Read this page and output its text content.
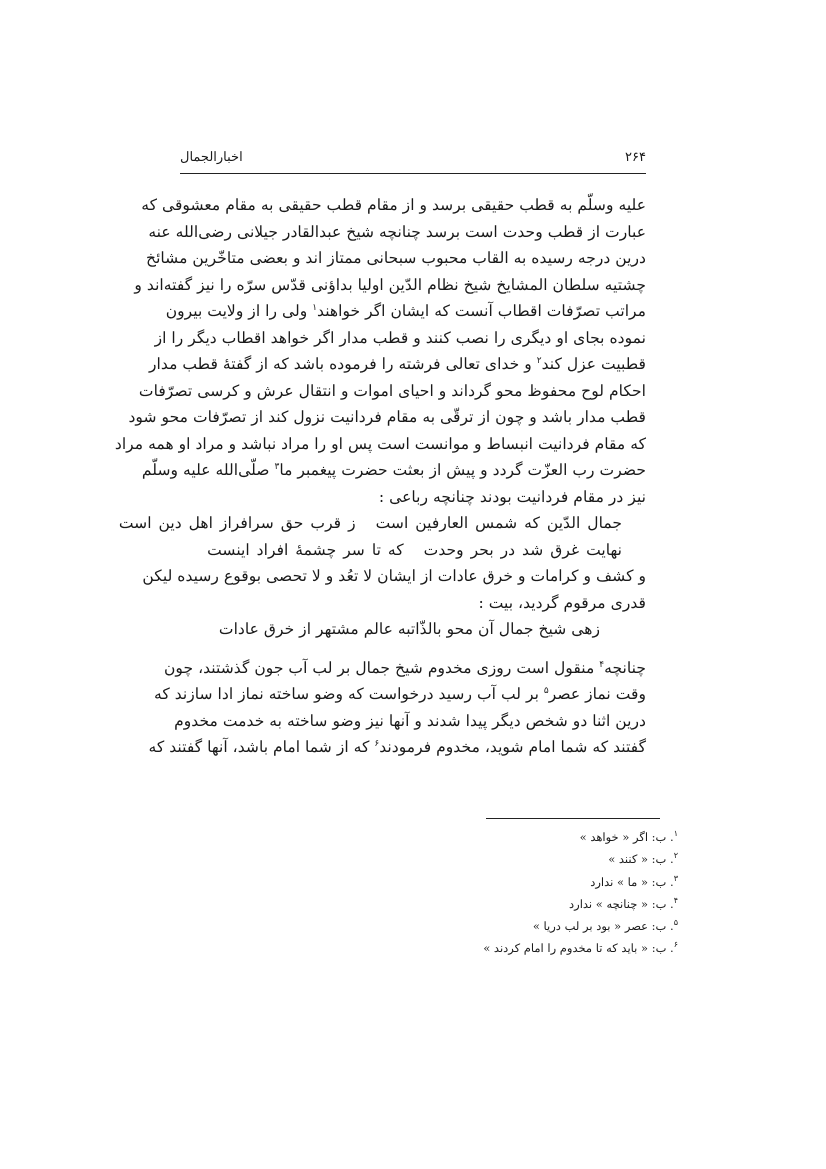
اخبارالجمال	۲۶۴
علیه وسلّم به قطب حقیقی برسد و از مقام قطب حقیقی به مقام معشوقی که
عبارت از قطب وحدت است برسد چنانچه شیخ عبدالقادر جیلانی رضی‌الله عنه
درین درجه رسیده به القاب محبوب سبحانی ممتاز اند و بعضی متاخّرین مشائخ
چشتیه سلطان المشایخ شیخ نظام الدّین اولیا بداؤنی قدّس سرّه را نیز گفته‌اند و
مراتب تصرّفات اقطاب آنست که ایشان اگر خواهند$^۱$ ولی را از ولایت بیرون
نموده بجای او دیگری را نصب کنند و قطب مدار اگر خواهد اقطاب دیگر را از
قطبیت عزل کند$^۲$ و خدای تعالی فرشته را فرموده باشد که از گفتهٔ قطب مدار
احکام لوح محفوظ محو گرداند و احیای اموات و انتقال عرش و کرسی تصرّفات
قطب مدار باشد و چون از ترقّی به مقام فردانیت نزول کند از تصرّفات محو شود
که مقام فردانیت انبساط و موانست است پس او را مراد نباشد و مراد او همه مراد
حضرت رب العزّت گردد و پیش از بعثت حضرت پیغمبر ما$^۳$ صلّی‌الله علیه وسلّم
نیز در مقام فردانیت بودند چنانچه رباعی :
جمال الدّین که شمس العارفین استز قرب حق سرافراز اهل دین است
نهایت غرق شد در بحر وحدتکه تا سر چشمهٔ افراد اینست
و کشف و کرامات و خرق عادات از ایشان لا تعُد و لا تحصی بوقوع رسیده لیکن
قدری مرقوم گردید، بیت :
زهی شیخ جمال آن محو بالذّاتبه عالم مشتهر از خرق عادات
چنانچه$^۴$ منقول است روزی مخدوم شیخ جمال بر لب آب جون گذشتند، چون
وقت نماز عصر$^۵$ بر لب آب رسید درخواست که وضو ساخته نماز ادا سازند که
درین اثنا دو شخص دیگر پیدا شدند و آنها نیز وضو ساخته به خدمت مخدوم
گفتند که شما امام شوید، مخدوم فرمودند$^۶$ که از شما امام باشد، آنها گفتند که
$^۱$. ب: اگر « خواهد »
$^۲$. ب: « کنند »
$^۳$. ب: « ما » ندارد
$^۴$. ب: « چنانچه » ندارد
$^۵$. ب: عصر « بود بر لب دریا »
$^۶$. ب: « باید که تا مخدوم را امام کردند »
